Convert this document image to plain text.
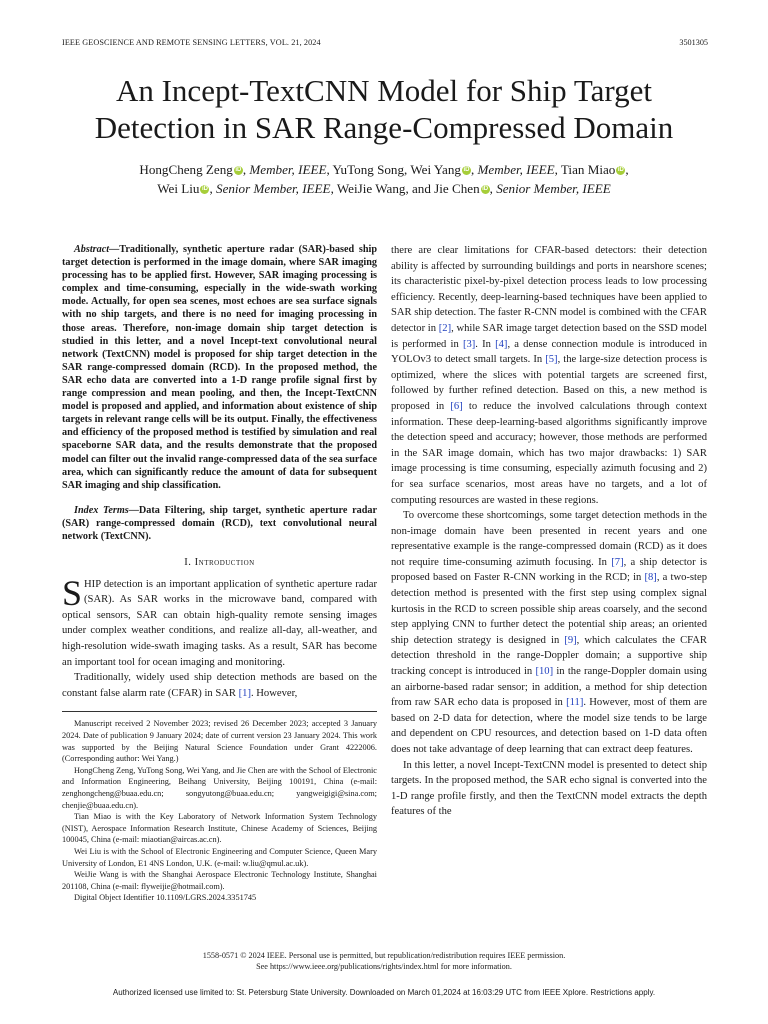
IEEE GEOSCIENCE AND REMOTE SENSING LETTERS, VOL. 21, 2024	3501305
An Incept-TextCNN Model for Ship Target
Detection in SAR Range-Compressed Domain
HongCheng Zeng iD , Member, IEEE, YuTong Song, Wei Yang iD , Member, IEEE, Tian Miao iD ,
Wei Liu iD , Senior Member, IEEE, WeiJie Wang, and Jie Chen iD , Senior Member, IEEE

Abstract—Traditionally, synthetic aperture radar (SAR)-based ship target detection is performed in the image domain, where SAR imaging processing has to be applied first. However, SAR imaging processing is complex and time-consuming, especially in the wide-swath working mode. Actually, for open sea scenes, most echoes are sea surface signals with no ship targets, and there is no need for imaging processing in those areas. Therefore, non-image domain ship target detection is studied in this letter, and a novel Incept-text convolutional neural network (TextCNN) model is proposed for ship target detection in the SAR range-compressed domain (RCD). In the proposed method, the SAR echo data are converted into a 1-D range profile signal first by range compression and mean pooling, and then, the Incept-TextCNN model is proposed and applied, and information about existence of ship targets in relevant range cells will be its output. Finally, the effectiveness and efficiency of the proposed method is testified by simulation and real spaceborne SAR data, and the results demonstrate that the proposed model can filter out the invalid range-compressed data of the sea surface area, which can significantly reduce the amount of data for subsequent SAR imaging and ship classification.

Index Terms—Data Filtering, ship target, synthetic aperture radar (SAR) range-compressed domain (RCD), text convolutional neural network (TextCNN).

I. Introduction

SHIP detection is an important application of synthetic aperture radar (SAR). As SAR works in the microwave band, compared with optical sensors, SAR can obtain high-quality remote sensing images under complex weather conditions, and realize all-day, all-weather, and high-resolution wide-swath imaging tasks. As a result, SAR has become an important tool for ocean imaging and monitoring.

Traditionally, widely used ship detection methods are based on the constant false alarm rate (CFAR) in SAR [1]. However,

Manuscript received 2 November 2023; revised 26 December 2023; accepted 3 January 2024. Date of publication 9 January 2024; date of current version 23 January 2024. This work was supported by the Beijing Natural Science Foundation under Grant 4222006. (Corresponding author: Wei Yang.)

HongCheng Zeng, YuTong Song, Wei Yang, and Jie Chen are with the School of Electronic and Information Engineering, Beihang University, Beijing 100191, China (e-mail: zenghongcheng@buaa.edu.cn; songyutong@buaa.edu.cn; yangweigigi@sina.com; chenjie@buaa.edu.cn).

Tian Miao is with the Key Laboratory of Network Information System Technology (NIST), Aerospace Information Research Institute, Chinese Academy of Sciences, Beijing 100045, China (e-mail: miaotian@aircas.ac.cn).

Wei Liu is with the School of Electronic Engineering and Computer Science, Queen Mary University of London, E1 4NS London, U.K. (e-mail: w.liu@qmul.ac.uk).

WeiJie Wang is with the Shanghai Aerospace Electronic Technology Institute, Shanghai 201108, China (e-mail: flyweijie@hotmail.com).

Digital Object Identifier 10.1109/LGRS.2024.3351745

there are clear limitations for CFAR-based detectors: their detection ability is affected by surrounding buildings and ports in nearshore scenes; its characteristic pixel-by-pixel detection process leads to low processing efficiency. Recently, deep-learning-based techniques have been applied to SAR ship detection. The faster R-CNN model is combined with the CFAR detector in [2], while SAR image target detection based on the SSD model is performed in [3]. In [4], a dense connection module is introduced in YOLOv3 to detect small targets. In [5], the large-size detection process is optimized, where the slices with potential targets are screened first, followed by further refined detection. Based on this, a new method is proposed in [6] to reduce the involved calculations through context information. These deep-learning-based algorithms significantly improve the detection speed and accuracy; however, those methods are performed in the SAR image domain, which has two major drawbacks: 1) SAR image processing is time consuming, especially azimuth focusing and 2) for sea surface scenarios, most areas have no targets, and a lot of computing resources are wasted in these regions.

To overcome these shortcomings, some target detection methods in the non-image domain have been presented in recent years and one representative example is the range-compressed domain (RCD) as it does not require time-consuming azimuth focusing. In [7], a ship detector is proposed based on Faster R-CNN working in the RCD; in [8], a two-step detection method is presented with the first step using complex signal kurtosis in the RCD to screen possible ship areas coarsely, and the second step applying CNN to further detect the potential ship areas; an oriented ship detection strategy is designed in [9], which calculates the CFAR detection threshold in the range-Doppler domain; a supportive ship tracking concept is introduced in [10] in the range-Doppler domain using an airborne-based radar sensor; in addition, a method for ship detection from raw SAR echo data is proposed in [11]. However, most of them are based on 2-D data for detection, where the model size tends to be large and dependent on CPU resources, and detection based on 1-D data often does not take advantage of deep learning that can extract deep features.

In this letter, a novel Incept-TextCNN model is presented to detect ship targets. In the proposed method, the SAR echo signal is converted into the 1-D range profile firstly, and then the TextCNN model extracts the depth features of the

1558-0571 © 2024 IEEE. Personal use is permitted, but republication/redistribution requires IEEE permission.
See https://www.ieee.org/publications/rights/index.html for more information.
Authorized licensed use limited to: St. Petersburg State University. Downloaded on March 01,2024 at 16:03:29 UTC from IEEE Xplore. Restrictions apply.
